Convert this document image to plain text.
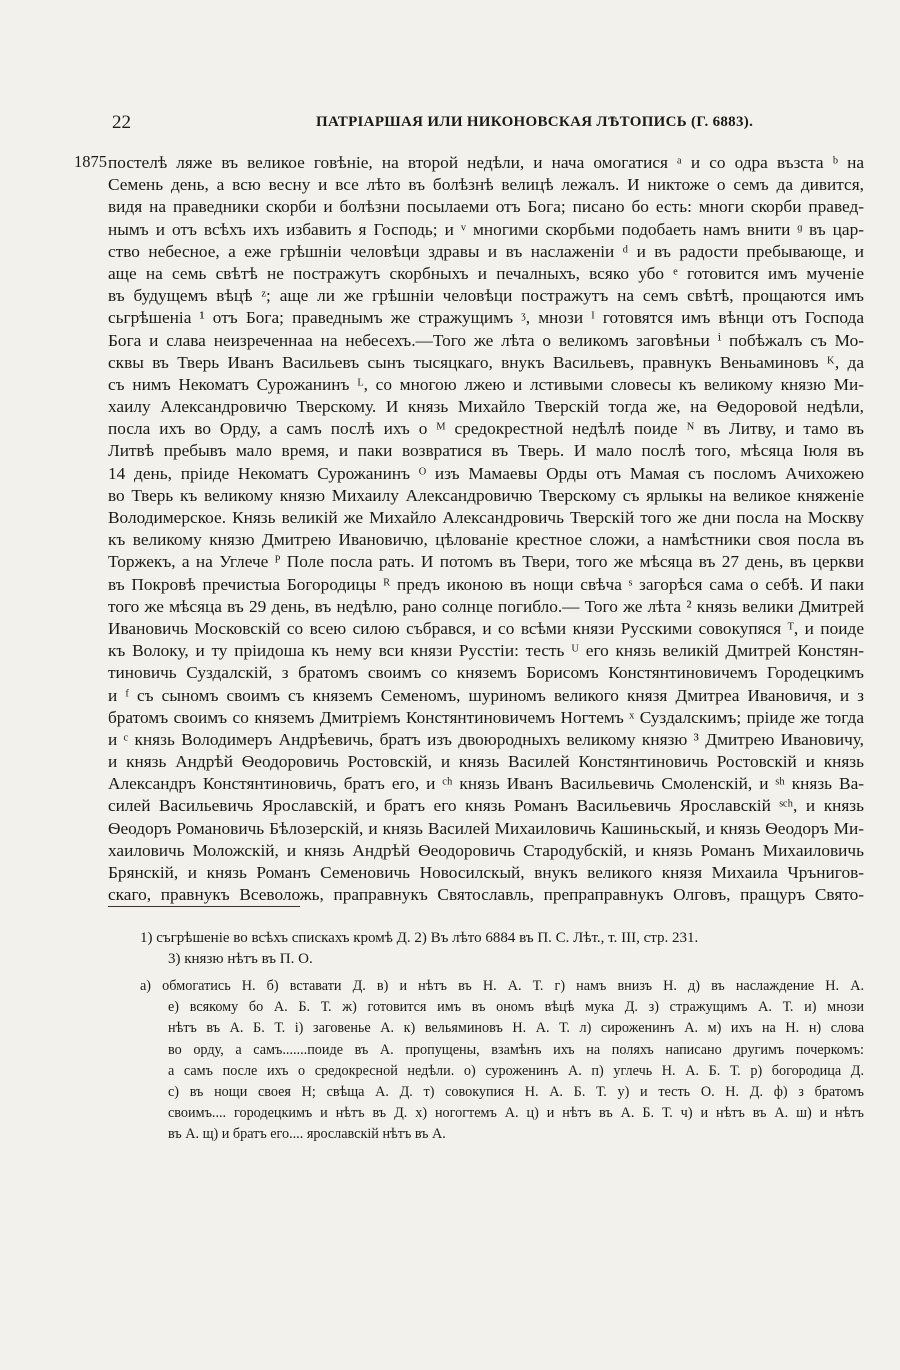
22	ПАТРІАРШАЯ ИЛИ НИКОНОВСКАЯ ЛѢТОПИСЬ (Г. 6883).
1875 постелѣ ляже въ великое говѣніе, на второй недѣли, и нача омогатися ᵃ и со одра възста ᵇ на
Семень день, а всю весну и все лѣто въ болѣзнѣ велицѣ лежалъ. И никтоже о семъ да дивится,
видя на праведники скорби и болѣзни посылаеми отъ Бога; писано бо есть: многи скорби правед-
нымъ и отъ всѣхъ ихъ избавить я Господь; и ᵛ многими скорбьми подобаеть намъ внити ᶢ въ цар-
ство небесное, а еже грѣшніи человѣци здравы и въ наслаженіи ᵈ и въ радости пребывающе, и
аще на семь свѣтѣ не постражутъ скорбныхъ и печалныхъ, всяко убо ᵉ готовится имъ мученіе
въ будущемъ вѣцѣ ᶻ; аще ли же грѣшніи человѣци постражутъ на семъ свѣтѣ, прощаются имъ
сьгрѣшеніа ¹ отъ Бога; праведнымъ же стражущимъ ᶾ, мнози ᴵ готовятся имъ вѣнци отъ Господа
Бога и слава неизреченнаа на небесехъ.—Того же лѣта о великомъ заговѣньи ⁱ побѣжалъ съ Мо-
сквы въ Тверь Иванъ Васильевъ сынъ тысяцкаго, внукъ Васильевъ, правнукъ Веньаминовъ ᴷ, да
съ нимъ Некоматъ Сурожанинъ ᴸ, со многою лжею и лстивыми словесы къ великому князю Ми-
хаилу Александровичю Тверскому. И князь Михайло Тверскій тогда же, на Ѳедоровой недѣли,
посла ихъ во Орду, а самъ послѣ ихъ о ᴹ средокрестной недѣлѣ поиде ᴺ въ Литву, и тамо въ
Литвѣ пребывъ мало время, и паки возвратися въ Тверь. И мало послѣ того, мѣсяца Іюля въ
14 день, пріиде Некоматъ Сурожанинъ ᴼ изъ Мамаевы Орды отъ Мамая съ посломъ Ачихожею
во Тверь къ великому князю Михаилу Александровичю Тверскому съ ярлыкы на великое княженіе
Володимерское. Князь великій же Михайло Александровичь Тверскій того же дни посла на Москву
къ великому князю Дмитрею Ивановичю, цѣлованіе крестное сложи, а намѣстники своя посла въ
Торжекъ, а на Углече ᴾ Поле посла рать. И потомъ въ Твери, того же мѣсяца въ 27 день, въ церкви
въ Покровѣ пречистыа Богородицы ᴿ предъ иконою въ нощи свѣча ˢ загорѣся сама о себѣ. И паки
того же мѣсяца въ 29 день, въ недѣлю, рано солнце погибло.— Того же лѣта ² князь велики Дмитрей
Ивановичь Московскій со всею силою събрався, и со всѣми князи Русскими совокупяся ᵀ, и поиде
къ Волоку, и ту пріидоша къ нему вси князи Русстіи: тесть ᵁ его князь великій Дмитрей Констян-
тиновичь Суздалскій, з братомъ своимъ со княземъ Борисомъ Констянтиновичемъ Городецкимъ
и ᶠ съ сыномъ своимъ съ княземъ Семеномъ, шуриномъ великого князя Дмитреа Ивановичя, и з
братомъ своимъ со княземъ Дмитріемъ Констянтиновичемъ Ногтемъ ˣ Суздалскимъ; пріиде же тогда
и ᶜ князь Володимеръ Андрѣевичь, братъ изъ двоюродныхъ великому князю ³ Дмитрею Ивановичу,
и князь Андрѣй Ѳеодоровичь Ростовскій, и князь Василей Констянтиновичь Ростовскій и князь
Александръ Констянтиновичь, братъ его, и ᶜʰ князь Иванъ Васильевичь Смоленскій, и ˢʰ князь Ва-
силей Васильевичь Ярославскій, и братъ его князь Романъ Васильевичь Ярославскій ˢᶜʰ, и князь
Ѳеодоръ Романовичь Бѣлозерскій, и князь Василей Михаиловичь Кашиньскый, и князь Ѳеодоръ Ми-
хаиловичь Моложскій, и князь Андрѣй Ѳеодоровичь Стародубскій, и князь Романъ Михаиловичь
Брянскій, и князь Романъ Семеновичь Новосилскый, внукъ великого князя Михаила Чрънигов-
скаго, правнукъ Всеволожь, праправнукъ Святославль, препраправнукъ Олговъ, пращуръ Свято-
1) съгрѣшеніе во всѣхъ спискахъ кромѣ Д. 2) Въ лѣто 6884 въ П. С. Лѣт., т. III, стр. 231.
3) князю нѣтъ въ П. О.
а) обмогатись Н. б) вставати Д. в) и нѣтъ въ Н. А. Т. г) намъ внизъ Н. д) въ наслаждение Н. А.
е) всякому бо А. Б. Т. ж) готовится имъ въ ономъ вѣцѣ мука Д. з) стражущимъ А. Т. и) мнози
нѣтъ въ А. Б. Т. і) заговенье А. к) вельяминовъ Н. А. Т. л) сироженинъ А. м) ихъ на Н. н) слова
во орду, а самъ.......поиде въ А. пропущены, взамѣнъ ихъ на поляхъ написано другимъ почеркомъ:
а самъ после ихъ о средокресной недѣли. о) суроженинъ А. п) углечь Н. А. Б. Т. р) богородица Д.
с) въ нощи своея Н; свѣща А. Д. т) совокупися Н. А. Б. Т. у) и тесть О. Н. Д. ф) з братомъ
своимъ.... городецкимъ и нѣтъ въ Д. х) ногогтемъ А. ц) и нѣтъ въ А. Б. Т. ч) и нѣтъ въ А. ш) и нѣтъ
въ А. щ) и братъ его.... ярославскій нѣтъ въ А.
